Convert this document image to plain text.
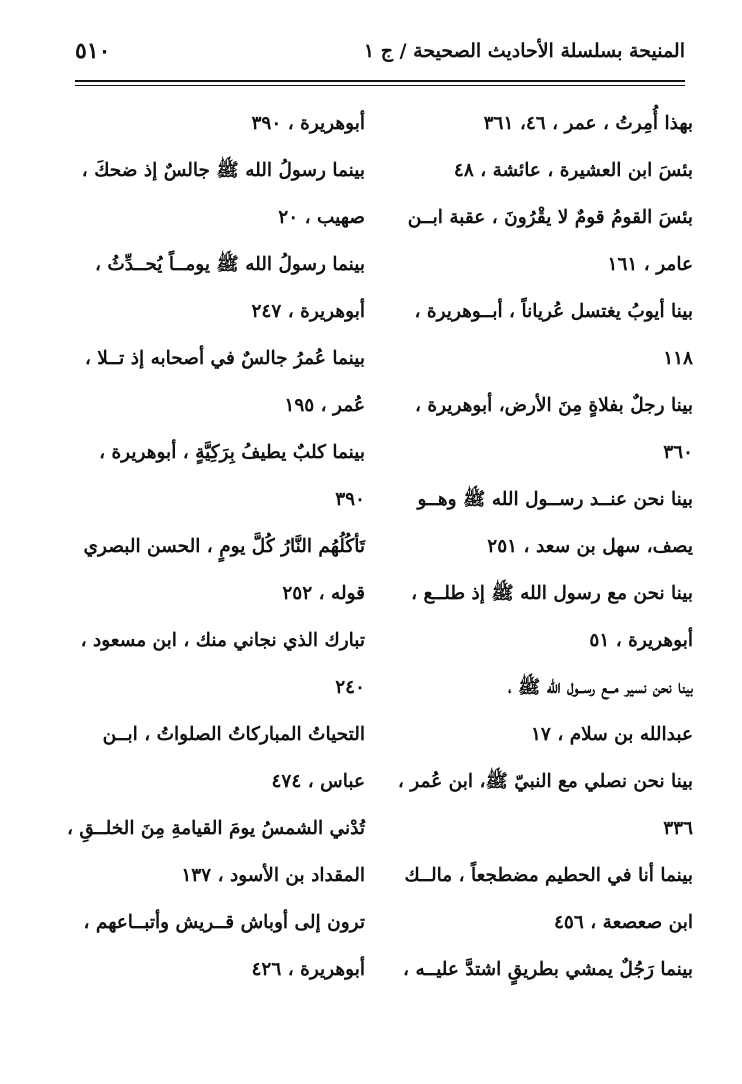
٥١٠	المنيحة بسلسلة الأحاديث الصحيحة / ج ١
بهذا أُمِرتُ ، عمر ، ٤٦، ٣٦١
بئسَ ابن العشيرة ، عائشة ، ٤٨
بئسَ القومُ قومٌ لا يقْرُونَ ، عقبة ابــن
عامر ، ١٦١
بينا أيوبُ يغتسل عُرياناً ، أبــوهريرة ،
١١٨
بينا رجلٌ بفلاةٍ مِنَ الأرض، أبوهريرة ،
٣٦٠
بينا نحن عنــد رســول الله ﷺ وهــو
يصف، سهل بن سعد ، ٢٥١
بينا نحن مع رسول الله ﷺ إذ طلــع ،
أبوهريرة ، ٥١
بينا نحن نسير مــع رســول الله ﷺ ،
عبدالله بن سلام ، ١٧
بينا نحن نصلي مع النبيّ ﷺ، ابن عُمر ،
٣٣٦
بينما أنا في الحطيم مضطجعاً ، مالــك
ابن صعصعة ، ٤٥٦
بينما رَجُلٌ يمشي بطريقٍ اشتدَّ عليــه ،
أبوهريرة ، ٣٩٠
بينما رسولُ الله ﷺ جالسٌ إذ ضحكَ ،
صهيب ، ٢٠
بينما رسولُ الله ﷺ يومــاً يُحــدِّثُ ،
أبوهريرة ، ٢٤٧
بينما عُمرُ جالسٌ في أصحابه إذ تــلا ،
عُمر ، ١٩٥
بينما كلبٌ يطيفُ بِرَكِيَّةٍ ، أبوهريرة ،
٣٩٠
تَأكُلُهُم النَّارُ كُلَّ يومٍ ، الحسن البصري
قوله ، ٢٥٢
تبارك الذي نجاني منك ، ابن مسعود ،
٢٤٠
التحياتُ المباركاتُ الصلواتُ ، ابــن
عباس ، ٤٧٤
تُدْني الشمسُ يومَ القيامةِ مِنَ الخلــقِ ،
المقداد بن الأسود ، ١٣٧
ترون إلى أوباش قــريش وأتبــاعهم ،
أبوهريرة ، ٤٢٦
